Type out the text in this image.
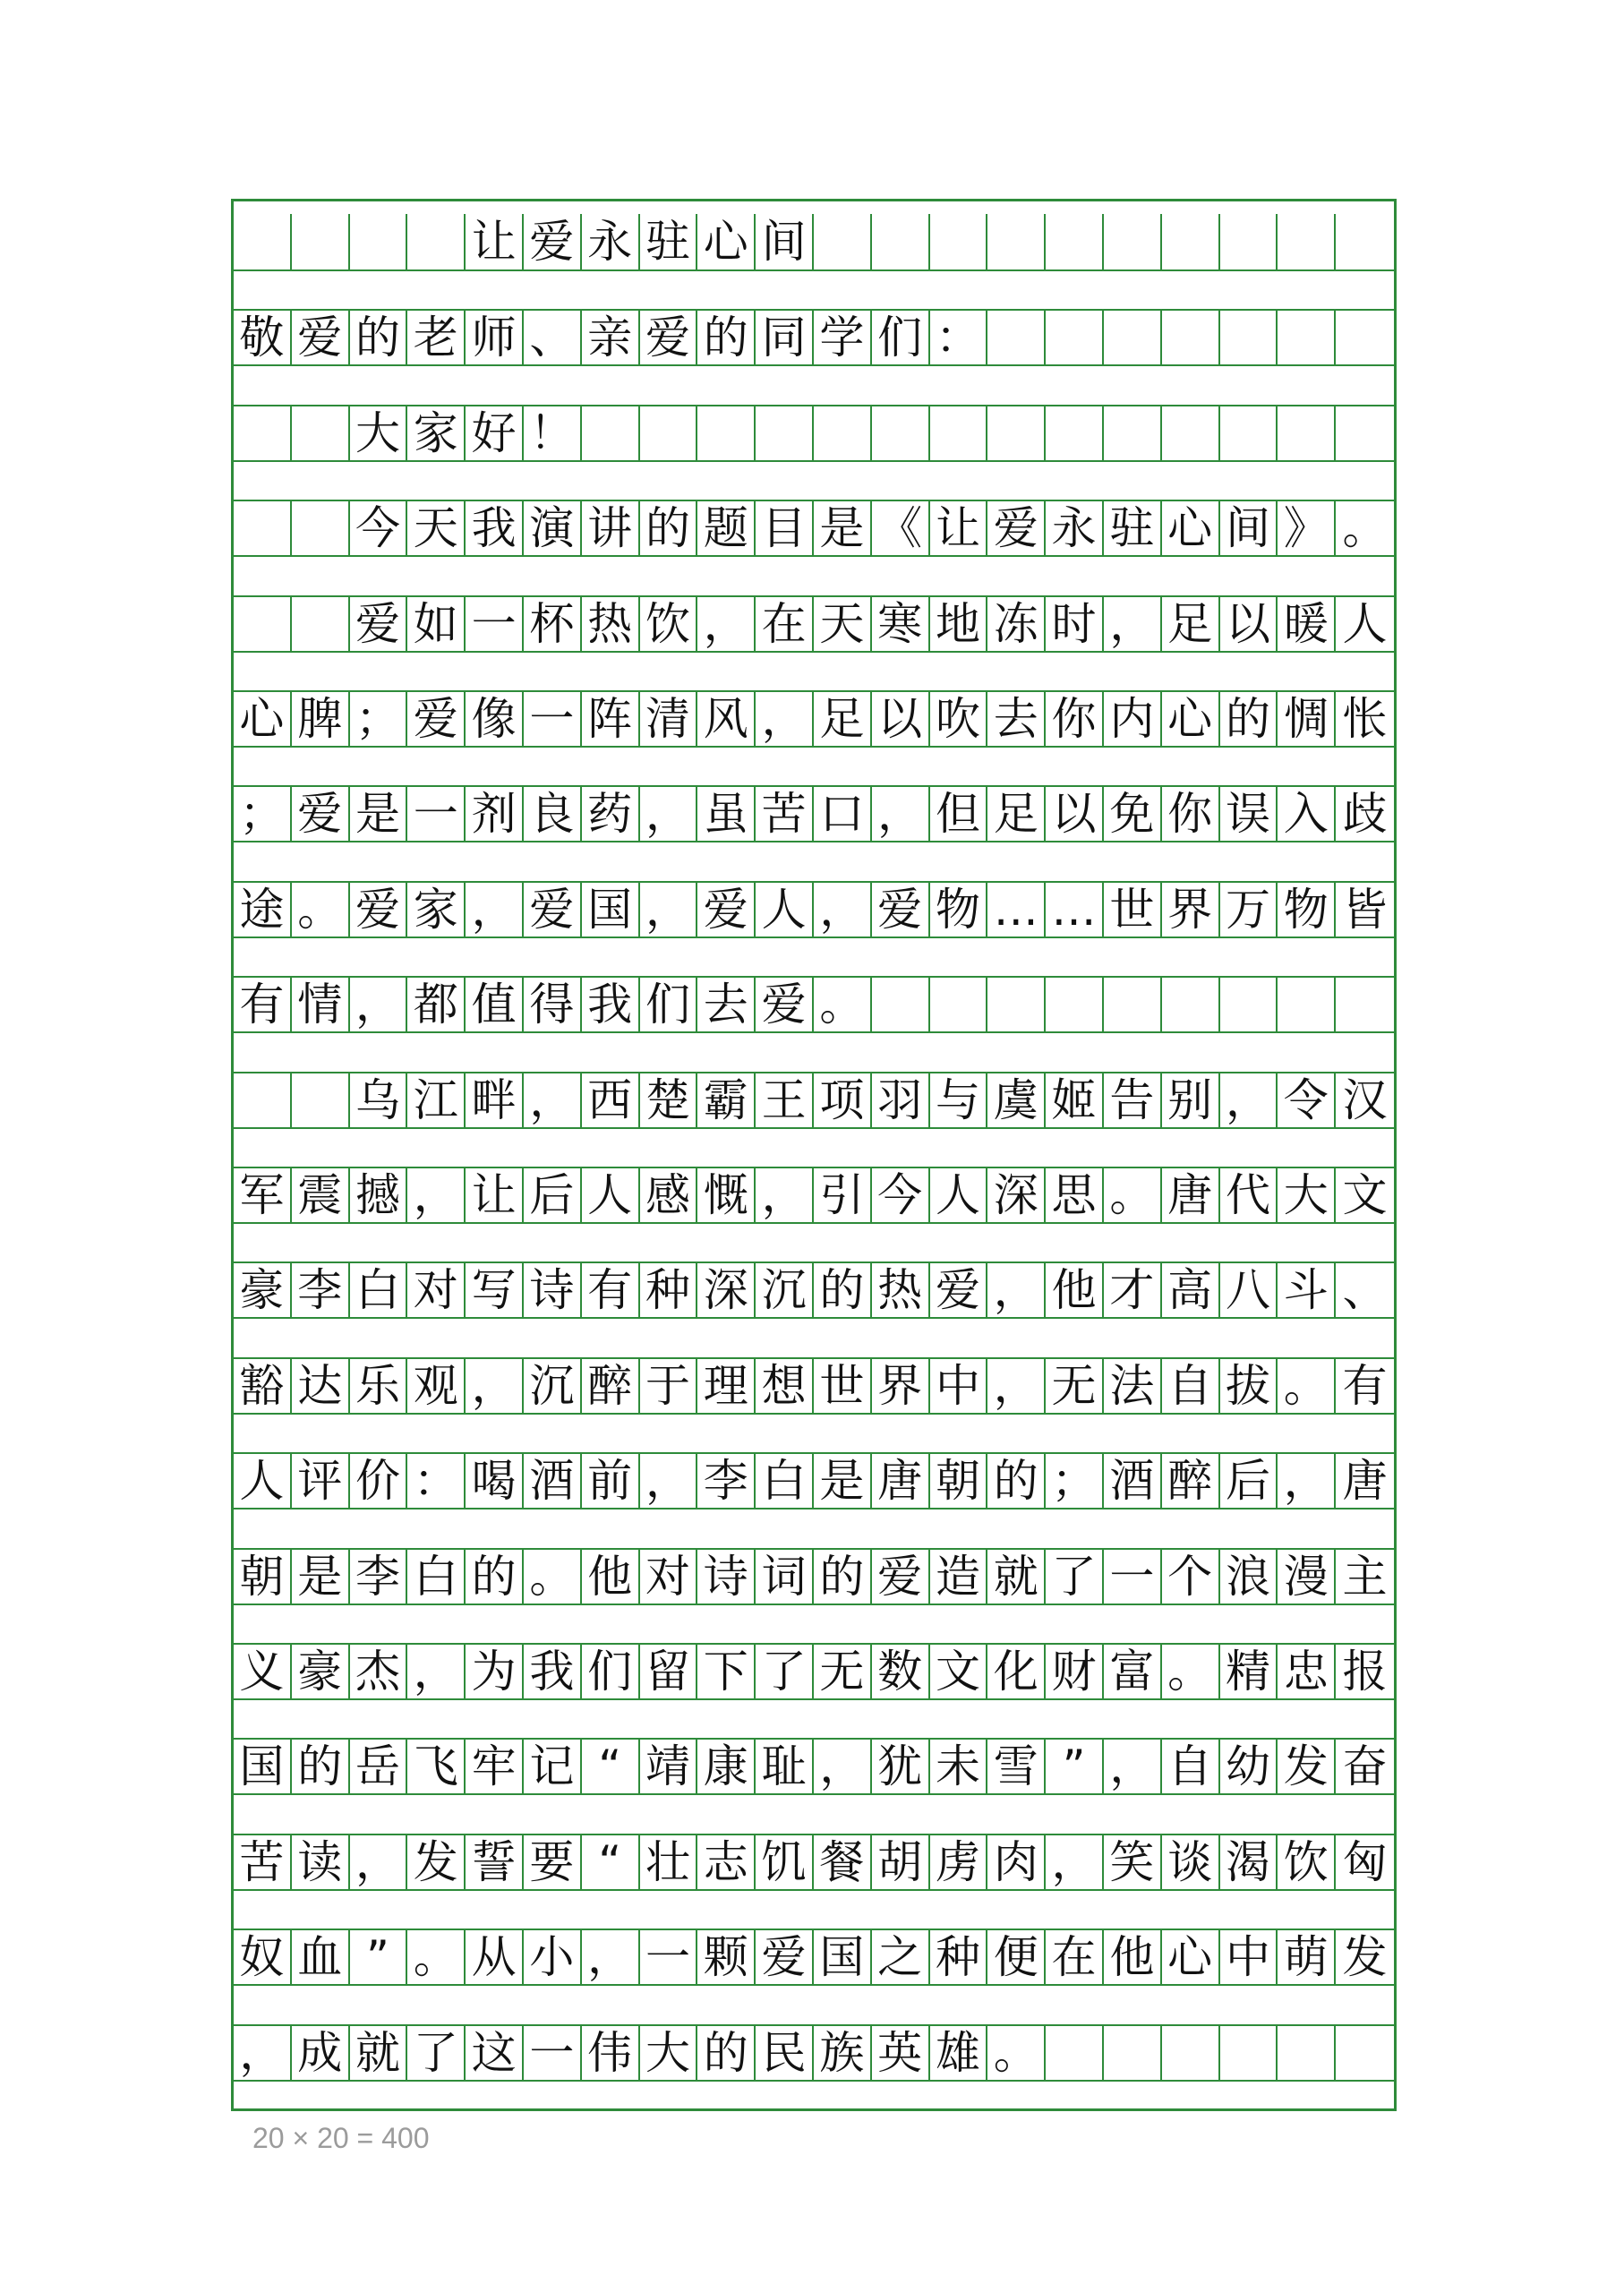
让 爱 永 驻 心 间
敬 爱 的 老 师 、 亲 爱 的 同 学 们 ：
大 家 好 ！
今 天 我 演 讲 的 题 目 是 《 让 爱 永 驻 心 间 》 。
爱 如 一 杯 热 饮 ， 在 天 寒 地 冻 时 ， 足 以 暖 人
心 脾 ； 爱 像 一 阵 清 风 ， 足 以 吹 去 你 内 心 的 惆 怅
； 爱 是 一 剂 良 药 ， 虽 苦 口 ， 但 足 以 免 你 误 入 歧
途 。 爱 家 ， 爱 国 ， 爱 人 ， 爱 物 … … 世 界 万 物 皆
有 情 ， 都 值 得 我 们 去 爱 。
乌 江 畔 ， 西 楚 霸 王 项 羽 与 虞 姬 告 别 ， 令 汉
军 震 撼 ， 让 后 人 感 慨 ， 引 今 人 深 思 。 唐 代 大 文
豪 李 白 对 写 诗 有 种 深 沉 的 热 爱 ， 他 才 高 八 斗 、
豁 达 乐 观 ， 沉 醉 于 理 想 世 界 中 ， 无 法 自 拔 。 有
人 评 价 ： 喝 酒 前 ， 李 白 是 唐 朝 的 ； 酒 醉 后 ， 唐
朝 是 李 白 的 。 他 对 诗 词 的 爱 造 就 了 一 个 浪 漫 主
义 豪 杰 ， 为 我 们 留 下 了 无 数 文 化 财 富 。 精 忠 报
国 的 岳 飞 牢 记 “ 靖 康 耻 ， 犹 未 雪 ” ， 自 幼 发 奋
苦 读 ， 发 誓 要 “ 壮 志 饥 餐 胡 虏 肉 ， 笑 谈 渴 饮 匈
奴 血 ” 。 从 小 ， 一 颗 爱 国 之 种 便 在 他 心 中 萌 发
， 成 就 了 这 一 伟 大 的 民 族 英 雄 。
20 × 20 = 400
